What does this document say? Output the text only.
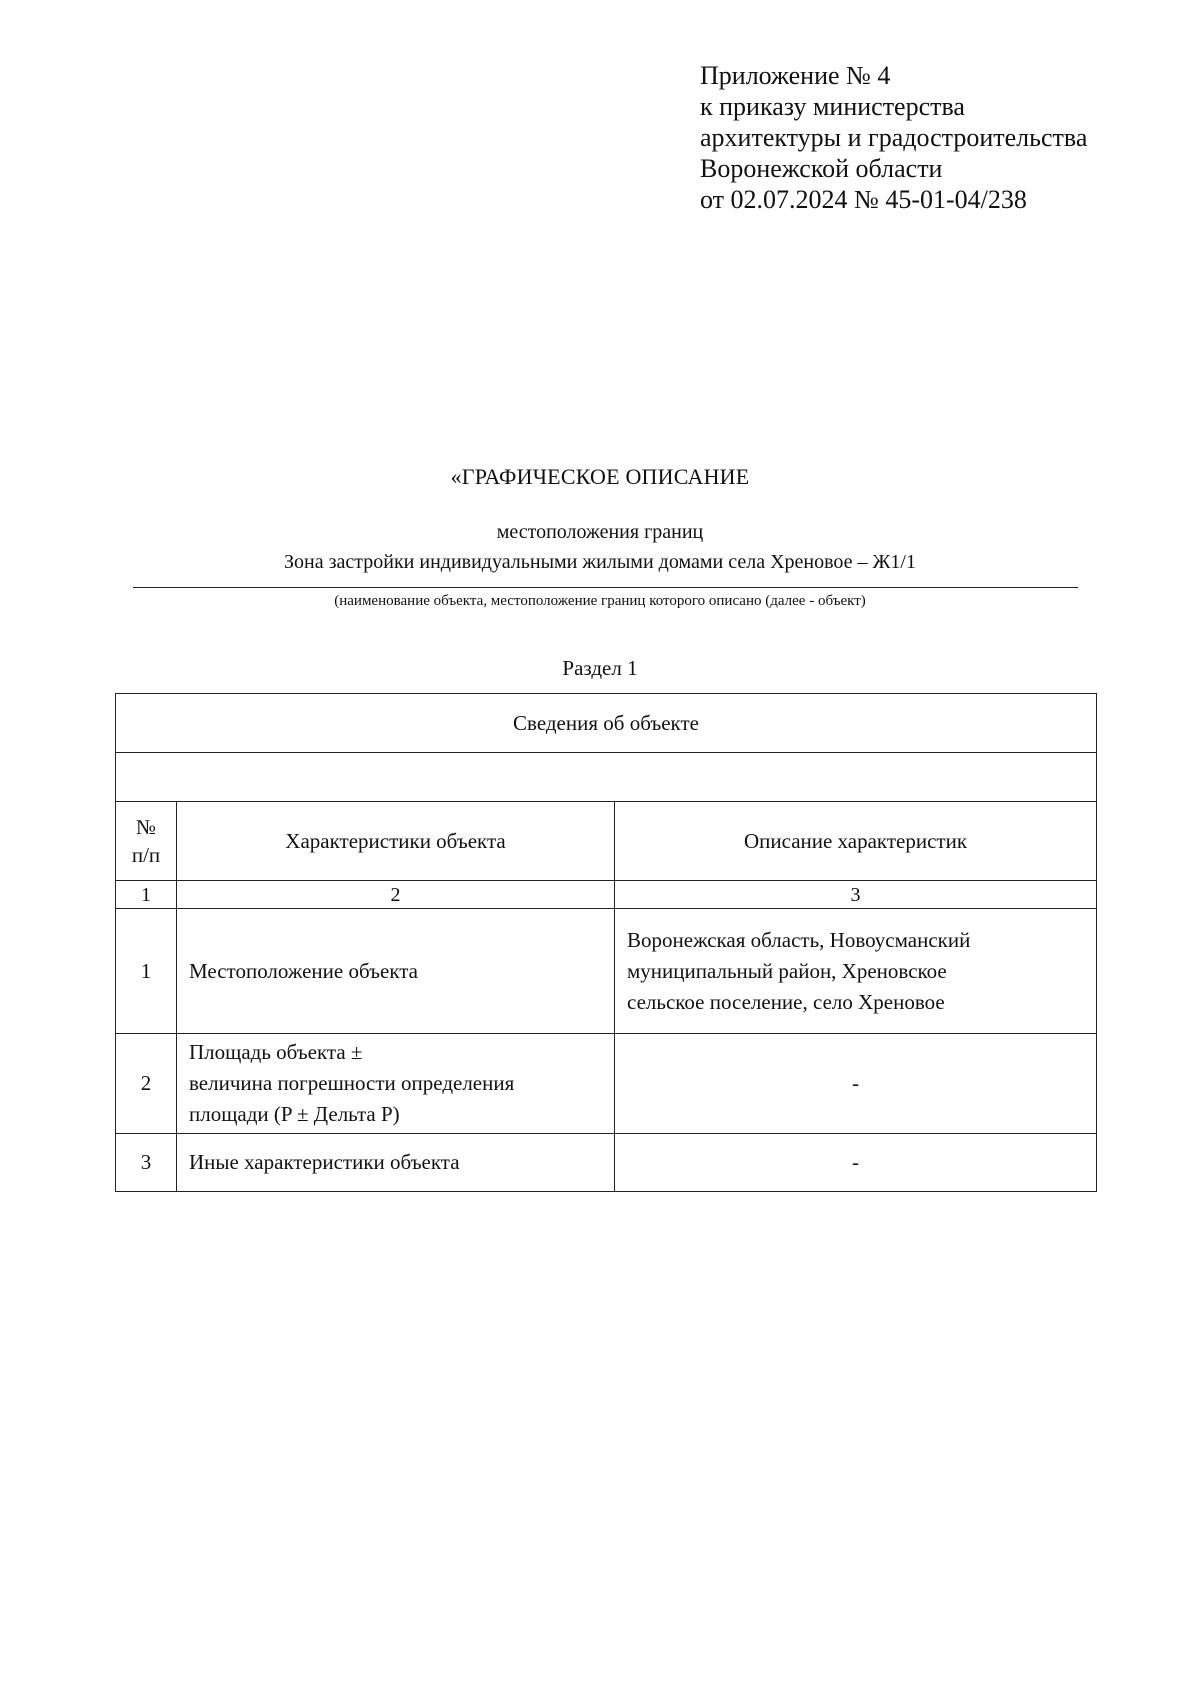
Приложение № 4
к приказу министерства
архитектуры и градостроительства
Воронежской области
от 02.07.2024 № 45-01-04/238
«ГРАФИЧЕСКОЕ ОПИСАНИЕ
местоположения границ
Зона застройки индивидуальными жилыми домами села Хреновое – Ж1/1
(наименование объекта, местоположение границ которого описано (далее - объект)
Раздел 1
Сведения об объекте		

№
п/п	Характеристики объекта	Описание характеристик
1	2	3
1	Местоположение объекта	Воронежская область, Новоусманский
муниципальный район, Хреновское
сельское поселение, село Хреновое

2	Площадь объекта ±
величина погрешности определения
площади (P ± Дельта P)	-
3	Иные характеристики объекта	-
